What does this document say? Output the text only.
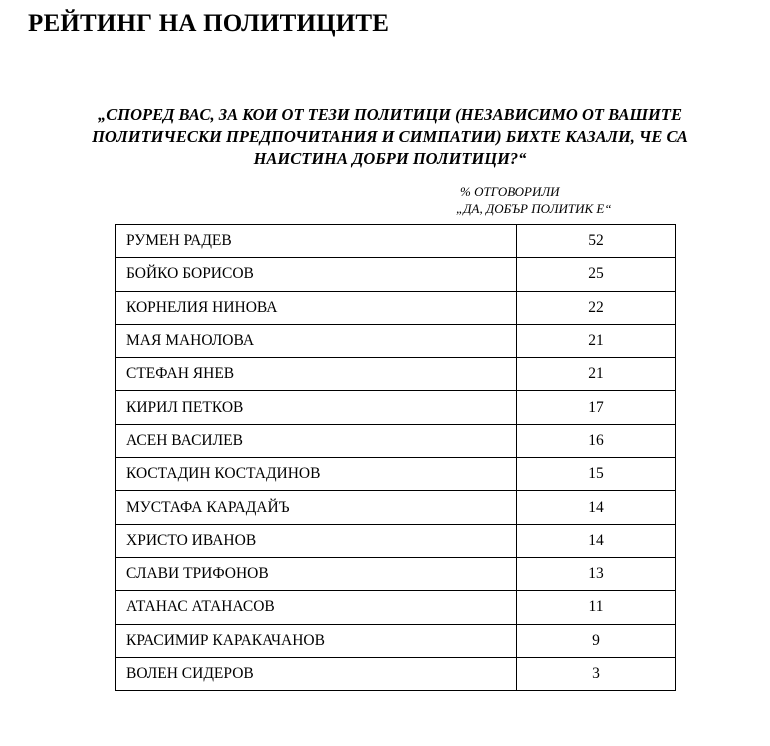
РЕЙТИНГ НА ПОЛИТИЦИТЕ
„СПОРЕД ВАС, ЗА КОИ ОТ ТЕЗИ ПОЛИТИЦИ (НЕЗАВИСИМО ОТ ВАШИТЕ
ПОЛИТИЧЕСКИ ПРЕДПОЧИТАНИЯ И СИМПАТИИ) БИХТЕ КАЗАЛИ, ЧЕ СА
НАИСТИНА ДОБРИ ПОЛИТИЦИ?“
% ОТГОВОРИЛИ
„ДА, ДОБЪР ПОЛИТИК Е“
РУМЕН РАДЕВ	52
БОЙКО БОРИСОВ	25
КОРНЕЛИЯ НИНОВА	22
МАЯ МАНОЛОВА	21
СТЕФАН ЯНЕВ	21
КИРИЛ ПЕТКОВ	17
АСЕН ВАСИЛЕВ	16
КОСТАДИН КОСТАДИНОВ	15
МУСТАФА КАРАДАЙЪ	14
ХРИСТО ИВАНОВ	14
СЛАВИ ТРИФОНОВ	13
АТАНАС АТАНАСОВ	11
КРАСИМИР КАРАКАЧАНОВ	9
ВОЛЕН СИДЕРОВ	3
